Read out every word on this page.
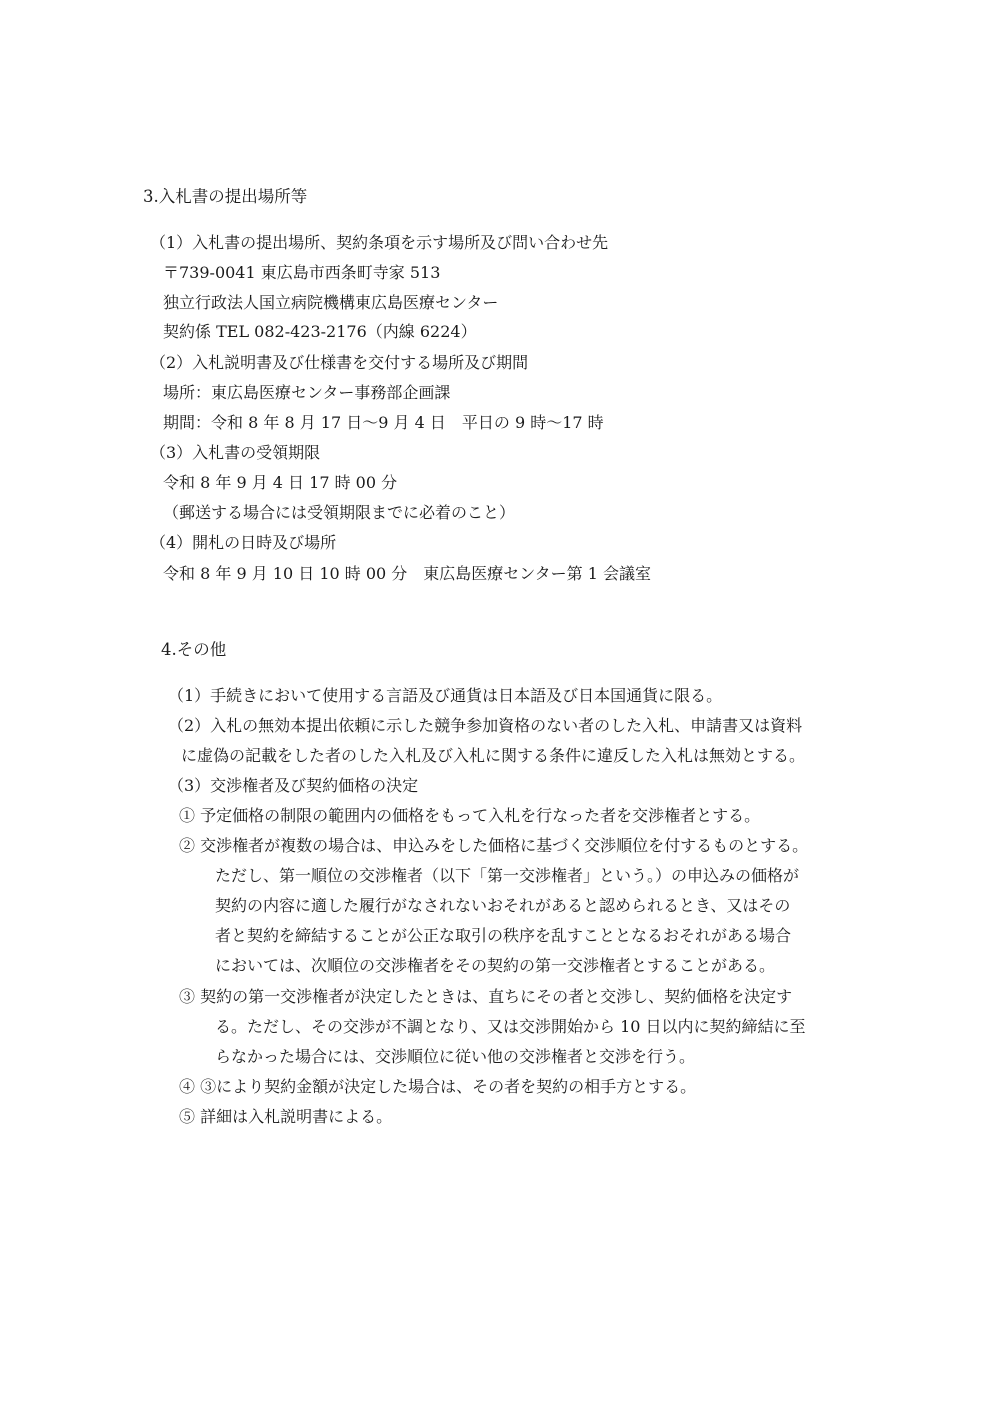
3.入札書の提出場所等
（1）入札書の提出場所、契約条項を示す場所及び問い合わせ先
〒739-0041 東広島市西条町寺家 513
独立行政法人国立病院機構東広島医療センター
契約係 TEL 082-423-2176（内線 6224）
（2）入札説明書及び仕様書を交付する場所及び期間
場所：東広島医療センター事務部企画課
期間：令和 8 年 8 月 17 日～9 月 4 日　平日の 9 時～17 時
（3）入札書の受領期限
令和 8 年 9 月 4 日 17 時 00 分
（郵送する場合には受領期限までに必着のこと）
（4）開札の日時及び場所
令和 8 年 9 月 10 日 10 時 00 分　東広島医療センター第 1 会議室
4.その他
（1）手続きにおいて使用する言語及び通貨は日本語及び日本国通貨に限る。
（2）入札の無効本提出依頼に示した競争参加資格のない者のした入札、申請書又は資料
に虚偽の記載をした者のした入札及び入札に関する条件に違反した入札は無効とする。
（3）交渉権者及び契約価格の決定
① 予定価格の制限の範囲内の価格をもって入札を行なった者を交渉権者とする。
② 交渉権者が複数の場合は、申込みをした価格に基づく交渉順位を付するものとする。
ただし、第一順位の交渉権者（以下「第一交渉権者」という。）の申込みの価格が
契約の内容に適した履行がなされないおそれがあると認められるとき、又はその
者と契約を締結することが公正な取引の秩序を乱すこととなるおそれがある場合
においては、次順位の交渉権者をその契約の第一交渉権者とすることがある。
③ 契約の第一交渉権者が決定したときは、直ちにその者と交渉し、契約価格を決定す
る。ただし、その交渉が不調となり、又は交渉開始から 10 日以内に契約締結に至
らなかった場合には、交渉順位に従い他の交渉権者と交渉を行う。
④ ③により契約金額が決定した場合は、その者を契約の相手方とする。
⑤ 詳細は入札説明書による。
